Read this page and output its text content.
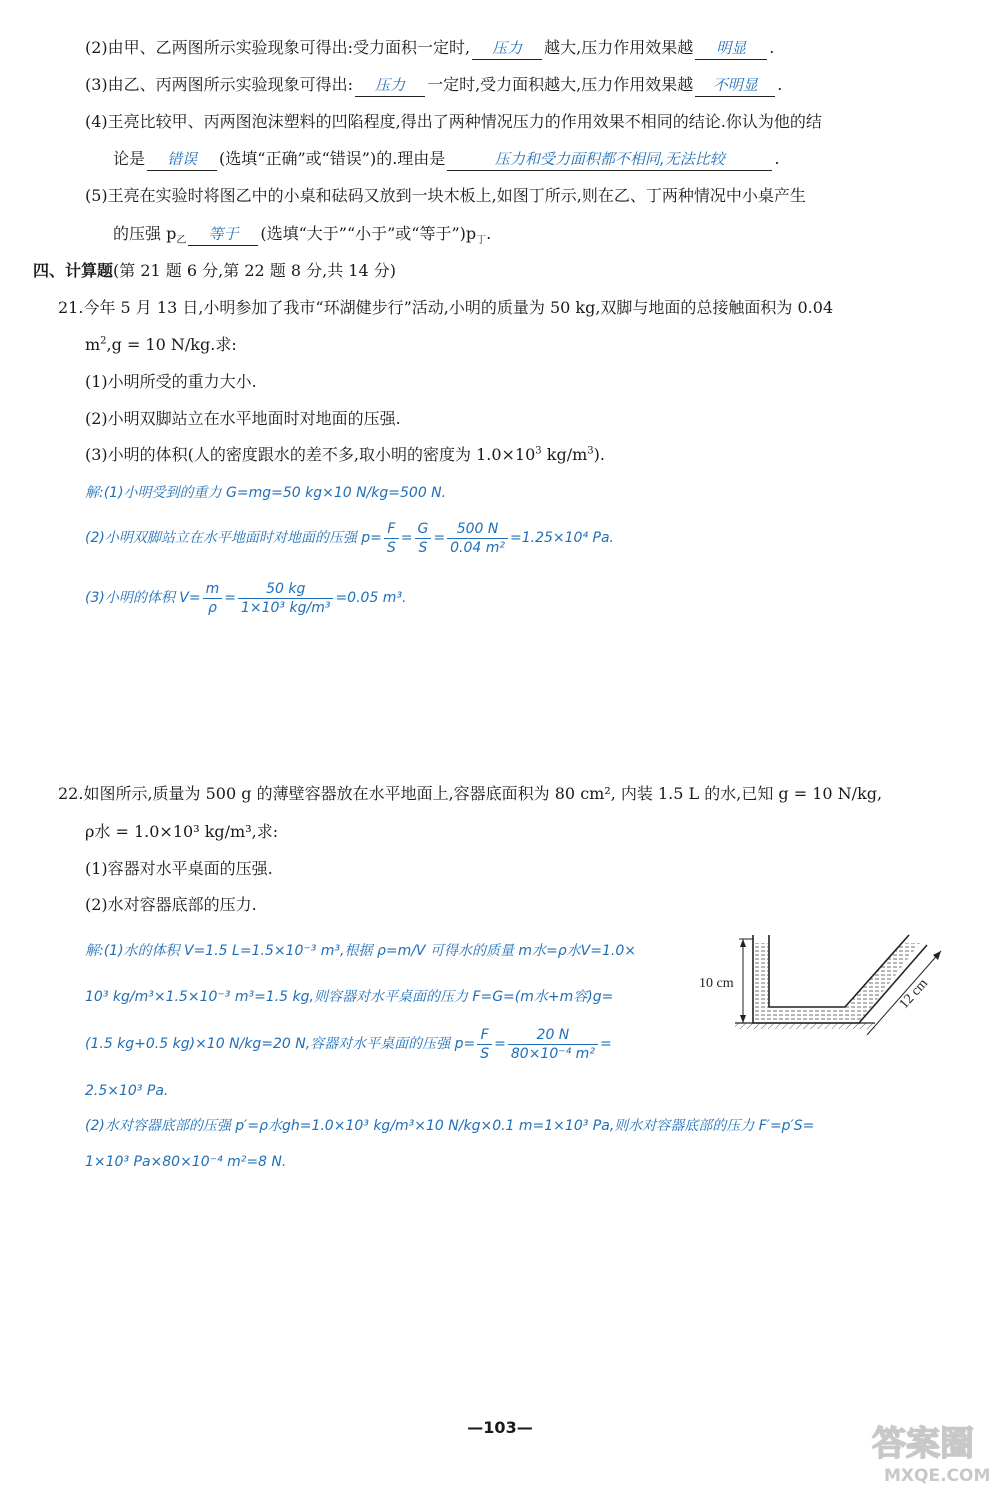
(2)由甲、乙两图所示实验现象可得出:受力面积一定时, 压力 越大,压力作用效果越 明显 .
(3)由乙、丙两图所示实验现象可得出: 压力 一定时,受力面积越大,压力作用效果越 不明显 .
(4)王亮比较甲、丙两图泡沫塑料的凹陷程度,得出了两种情况压力的作用效果不相同的结论.你认为他的结
论是 错误 (选填“正确”或“错误”)的.理由是	压力和受力面积都不相同,无法比较	.
(5)王亮在实验时将图乙中的小桌和砝码又放到一块木板上,如图丁所示,则在乙、丁两种情况中小桌产生
的压强 $p_乙$ 等于 (选填“大于”“小于”或“等于$”)p_丁$.
四、计算题(第 21 题 6 分,第 22 题 8 分,共 14 分)
21.今年 5 月 13 日,小明参加了我市“环湖健步行”活动,小明的质量为 50 kg,双脚与地面的总接触面积为 0.04
$m^2,g = 10$ N/kg.求:
(1)小明所受的重力大小.
(2)小明双脚站立在水平地面时对地面的压强.
(3)小明的体积(人的密度跟水的差不多,取小明的密度为 $1.0\times 10^3$ $kg/m^3$).
解:(1)小明受到的重力 G=mg=50 kg×10 N/kg=500 N.
(2)小明双脚站立在水平地面时对地面的压强 $p= \frac{F}{S} = \frac{G}{S} = \frac{500 N}{\text{0.04 m²}} =1.25\times 10^4$ Pa.
(3)小明的体积 $V= \frac{m}{\rho} = \frac{50 kg}{\text{1×10³ kg/m³}} =0.05$ m³.
22.如图所示,质量为 500 g 的薄壁容器放在水平地面上,容器底面积为 80 cm², 内装 1.5 L 的水,已知 g = 10 N/kg,
ρ水 = 1.0×10³ kg/m³,求:
(1)容器对水平桌面的压强.
(2)水对容器底部的压力.
解:(1)水的体积 V=1.5 L=1.5×10⁻³ m³,根据 ρ=m/V 可得水的质量 m水=ρ水V=1.0×
10³ kg/m³×1.5×10⁻³ m³=1.5 kg,则容器对水平桌面的压力 F=G=(m水+m容)g=
(1.5 kg+0.5 kg)×10 N/kg=20 N,容器对水平桌面的压强 $p= \frac{F}{S} = \frac{20 N}{\text{80×10⁻⁴ m²}}$ =
2.5×10³ Pa.
(2)水对容器底部的压强 p′=ρ水gh=1.0×10³ kg/m³×10 N/kg×0.1 m=1×10³ Pa,则水对容器底部的压力 F′=p′S=
1×10³ Pa×80×10⁻⁴ m²=8 N.
10 cm	12 cm
—103—	答案圈
MXQE.COM
